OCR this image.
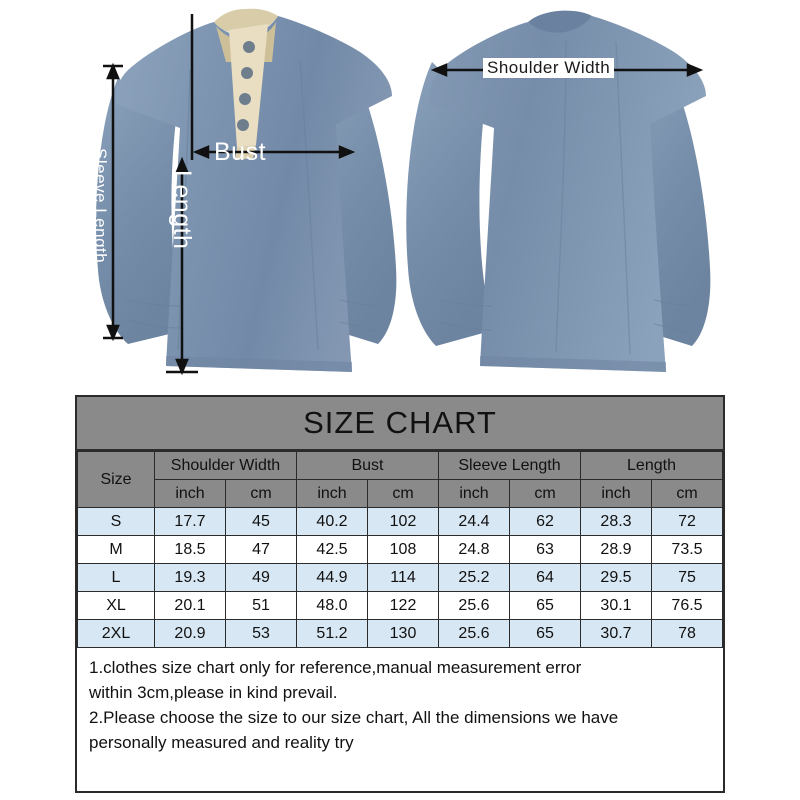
Bust
Length
Sleeve Length
Shoulder Width
SIZE CHART
Size	Shoulder Width		Bust		Sleeve Length		Length	
	inch	cm	inch	cm	inch	cm	inch	cm
S	17.7	45	40.2	102	24.4	62	28.3	72
M	18.5	47	42.5	108	24.8	63	28.9	73.5
L	19.3	49	44.9	114	25.2	64	29.5	75
XL	20.1	51	48.0	122	25.6	65	30.1	76.5
2XL	20.9	53	51.2	130	25.6	65	30.7	78
1.clothes size chart only for reference,manual measurement error
within 3cm,please in kind prevail.
2.Please choose the size to our size chart, All the dimensions we have
personally measured and reality try
